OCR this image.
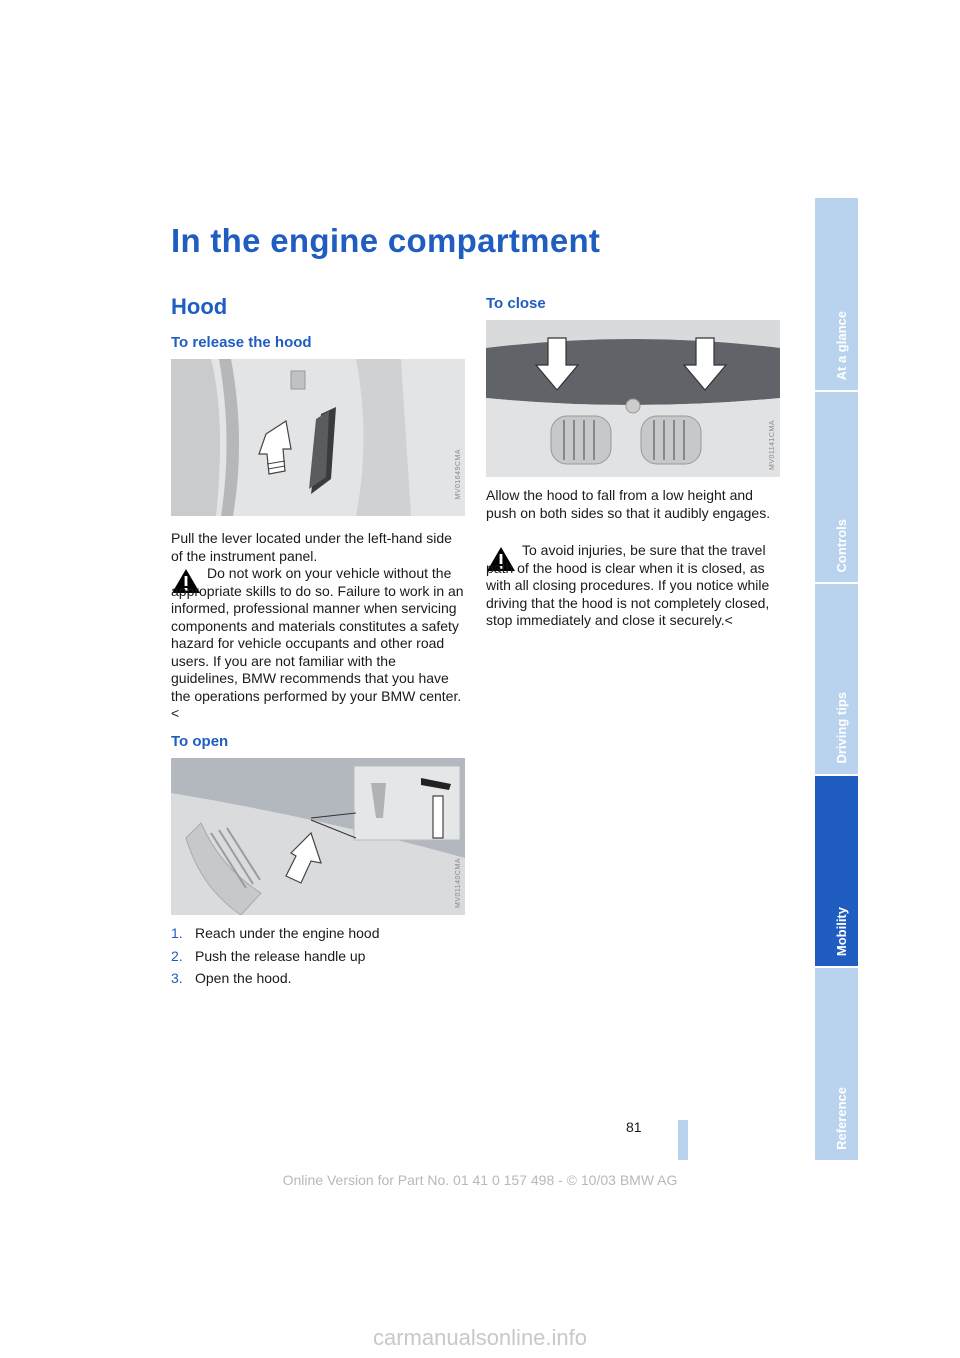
At a glance
Controls
Driving tips
Mobility
Reference
In the engine compartment
Hood
To release the hood
MV01649CMA

Pull the lever located under the left-hand side of the instrument panel.

Do not work on your vehicle without the appropriate skills to do so. Failure to work in an informed, professional manner when servicing components and materials constitutes a safety hazard for vehicle occupants and other road users. If you are not familiar with the guidelines, BMW recommends that you have the operations performed by your BMW center.<

To open
MV01140CMA
1. Reach under the engine hood
2. Push the release handle up
3. Open the hood.
To close
MV01141CMA

Allow the hood to fall from a low height and push on both sides so that it audibly engages.

To avoid injuries, be sure that the travel path of the hood is clear when it is closed, as with all closing procedures. If you notice while driving that the hood is not completely closed, stop immediately and close it securely.<

81
Online Version for Part No. 01 41 0 157 498 - © 10/03 BMW AG
carmanualsonline.info
